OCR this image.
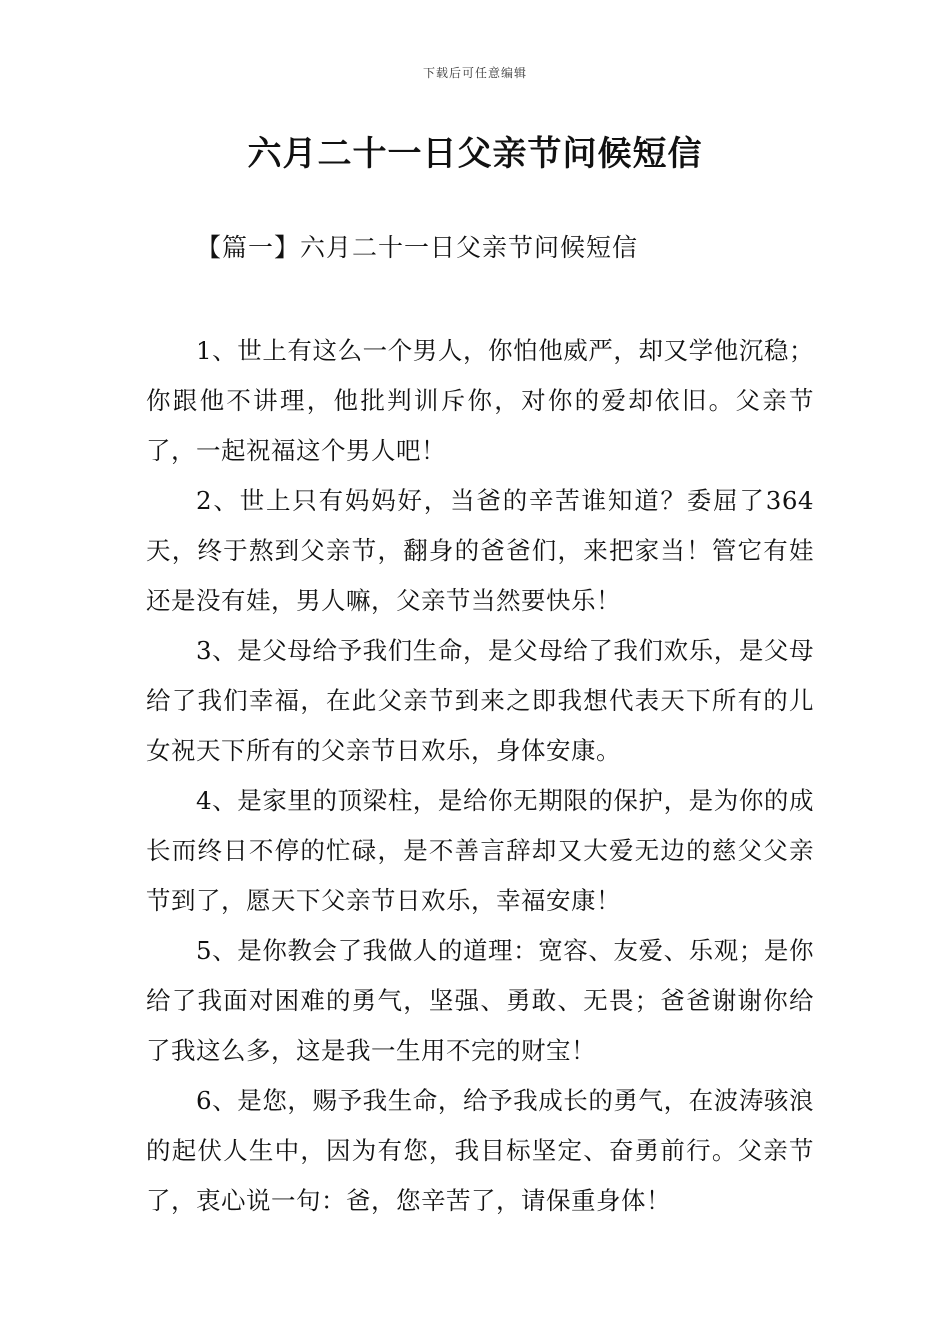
下载后可任意编辑
六月二十一日父亲节问候短信
【篇一】六月二十一日父亲节问候短信

1、世上有这么一个男人，你怕他威严，却又学他沉稳；你跟他不讲理，他批判训斥你，对你的爱却依旧。父亲节了，一起祝福这个男人吧！

2、世上只有妈妈好，当爸的辛苦谁知道？委屈了364天，终于熬到父亲节，翻身的爸爸们，来把家当！管它有娃还是没有娃，男人嘛，父亲节当然要快乐！

3、是父母给予我们生命，是父母给了我们欢乐，是父母给了我们幸福，在此父亲节到来之即我想代表天下所有的儿女祝天下所有的父亲节日欢乐，身体安康。

4、是家里的顶梁柱，是给你无期限的保护，是为你的成长而终日不停的忙碌，是不善言辞却又大爱无边的慈父父亲节到了，愿天下父亲节日欢乐，幸福安康！

5、是你教会了我做人的道理：宽容、友爱、乐观；是你给了我面对困难的勇气，坚强、勇敢、无畏；爸爸谢谢你给了我这么多，这是我一生用不完的财宝！

6、是您，赐予我生命，给予我成长的勇气，在波涛骇浪的起伏人生中，因为有您，我目标坚定、奋勇前行。父亲节了，衷心说一句：爸，您辛苦了，请保重身体！
